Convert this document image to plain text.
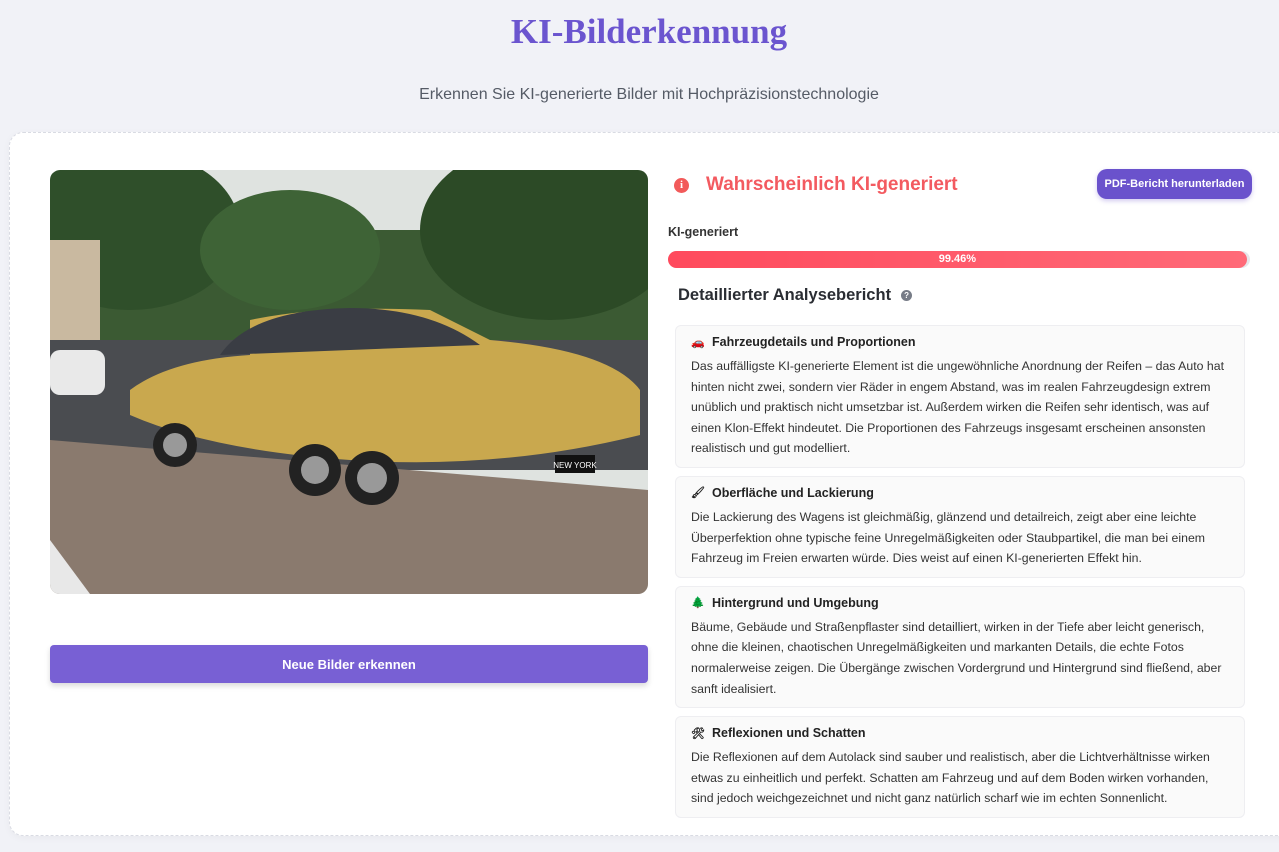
KI-Bilderkennung
Erkennen Sie KI-generierte Bilder mit Hochpräzisionstechnologie
NEW YORK
Neue Bilder erkennen
i	Wahrscheinlich KI-generiert	PDF-Bericht herunterladen
KI-generiert
99.46%
Detaillierter Analysebericht	?
🚗 Fahrzeugdetails und Proportionen

Das auffälligste KI-generierte Element ist die ungewöhnliche Anordnung der Reifen – das Auto hat hinten nicht zwei, sondern vier Räder in engem Abstand, was im realen Fahrzeugdesign extrem unüblich und praktisch nicht umsetzbar ist. Außerdem wirken die Reifen sehr identisch, was auf einen Klon-Effekt hindeutet. Die Proportionen des Fahrzeugs insgesamt erscheinen ansonsten realistisch und gut modelliert.

🖌 Oberfläche und Lackierung

Die Lackierung des Wagens ist gleichmäßig, glänzend und detailreich, zeigt aber eine leichte Überperfektion ohne typische feine Unregelmäßigkeiten oder Staubpartikel, die man bei einem Fahrzeug im Freien erwarten würde. Dies weist auf einen KI-generierten Effekt hin.

🌲 Hintergrund und Umgebung

Bäume, Gebäude und Straßenpflaster sind detailliert, wirken in der Tiefe aber leicht generisch, ohne die kleinen, chaotischen Unregelmäßigkeiten und markanten Details, die echte Fotos normalerweise zeigen. Die Übergänge zwischen Vordergrund und Hintergrund sind fließend, aber sanft idealisiert.

🛠 Reflexionen und Schatten

Die Reflexionen auf dem Autolack sind sauber und realistisch, aber die Lichtverhältnisse wirken etwas zu einheitlich und perfekt. Schatten am Fahrzeug und auf dem Boden wirken vorhanden, sind jedoch weichgezeichnet und nicht ganz natürlich scharf wie im echten Sonnenlicht.
